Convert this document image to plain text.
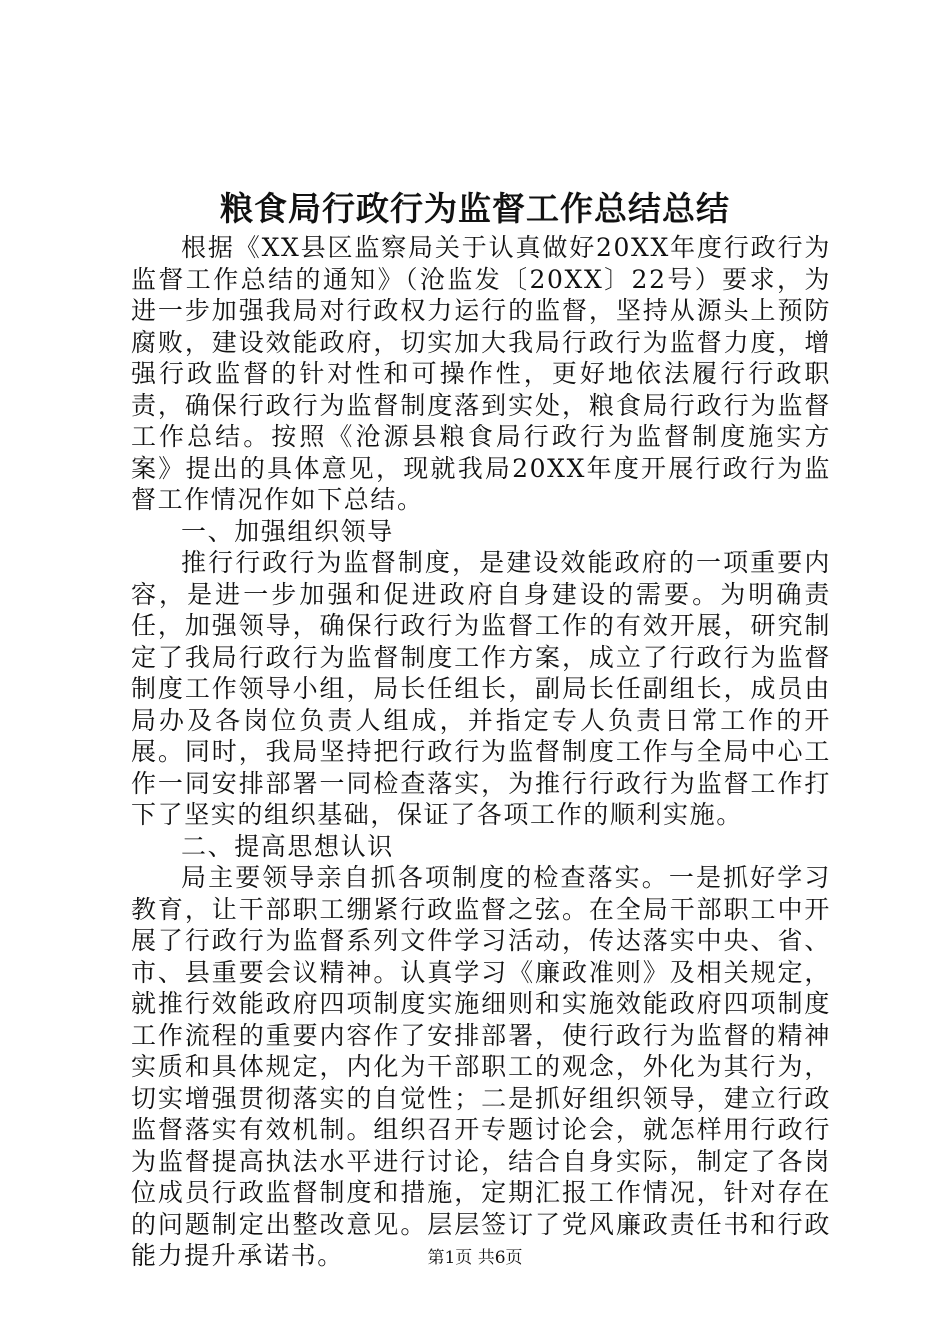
粮食局行政行为监督工作总结总结

根据《XX县区监察局关于认真做好20XX年度行政行为监督工作总结的通知》（沧监发〔20XX〕22号）要求，为进一步加强我局对行政权力运行的监督，坚持从源头上预防腐败，建设效能政府，切实加大我局行政行为监督力度，增强行政监督的针对性和可操作性，更好地依法履行行政职责，确保行政行为监督制度落到实处，粮食局行政行为监督工作总结。按照《沧源县粮食局行政行为监督制度施实方案》提出的具体意见，现就我局20XX年度开展行政行为监督工作情况作如下总结。

一、加强组织领导

推行行政行为监督制度，是建设效能政府的一项重要内容，是进一步加强和促进政府自身建设的需要。为明确责任，加强领导，确保行政行为监督工作的有效开展，研究制定了我局行政行为监督制度工作方案，成立了行政行为监督制度工作领导小组，局长任组长，副局长任副组长，成员由局办及各岗位负责人组成，并指定专人负责日常工作的开展。同时，我局坚持把行政行为监督制度工作与全局中心工作一同安排部署一同检查落实，为推行行政行为监督工作打下了坚实的组织基础，保证了各项工作的顺利实施。

二、提高思想认识

局主要领导亲自抓各项制度的检查落实。一是抓好学习教育，让干部职工绷紧行政监督之弦。在全局干部职工中开展了行政行为监督系列文件学习活动，传达落实中央、省、市、县重要会议精神。认真学习《廉政准则》及相关规定，就推行效能政府四项制度实施细则和实施效能政府四项制度工作流程的重要内容作了安排部署，使行政行为监督的精神实质和具体规定，内化为干部职工的观念，外化为其行为，切实增强贯彻落实的自觉性；二是抓好组织领导，建立行政监督落实有效机制。组织召开专题讨论会，就怎样用行政行为监督提高执法水平进行讨论，结合自身实际，制定了各岗位成员行政监督制度和措施，定期汇报工作情况，针对存在的问题制定出整改意见。层层签订了党风廉政责任书和行政能力提升承诺书。	第1页 共6页
